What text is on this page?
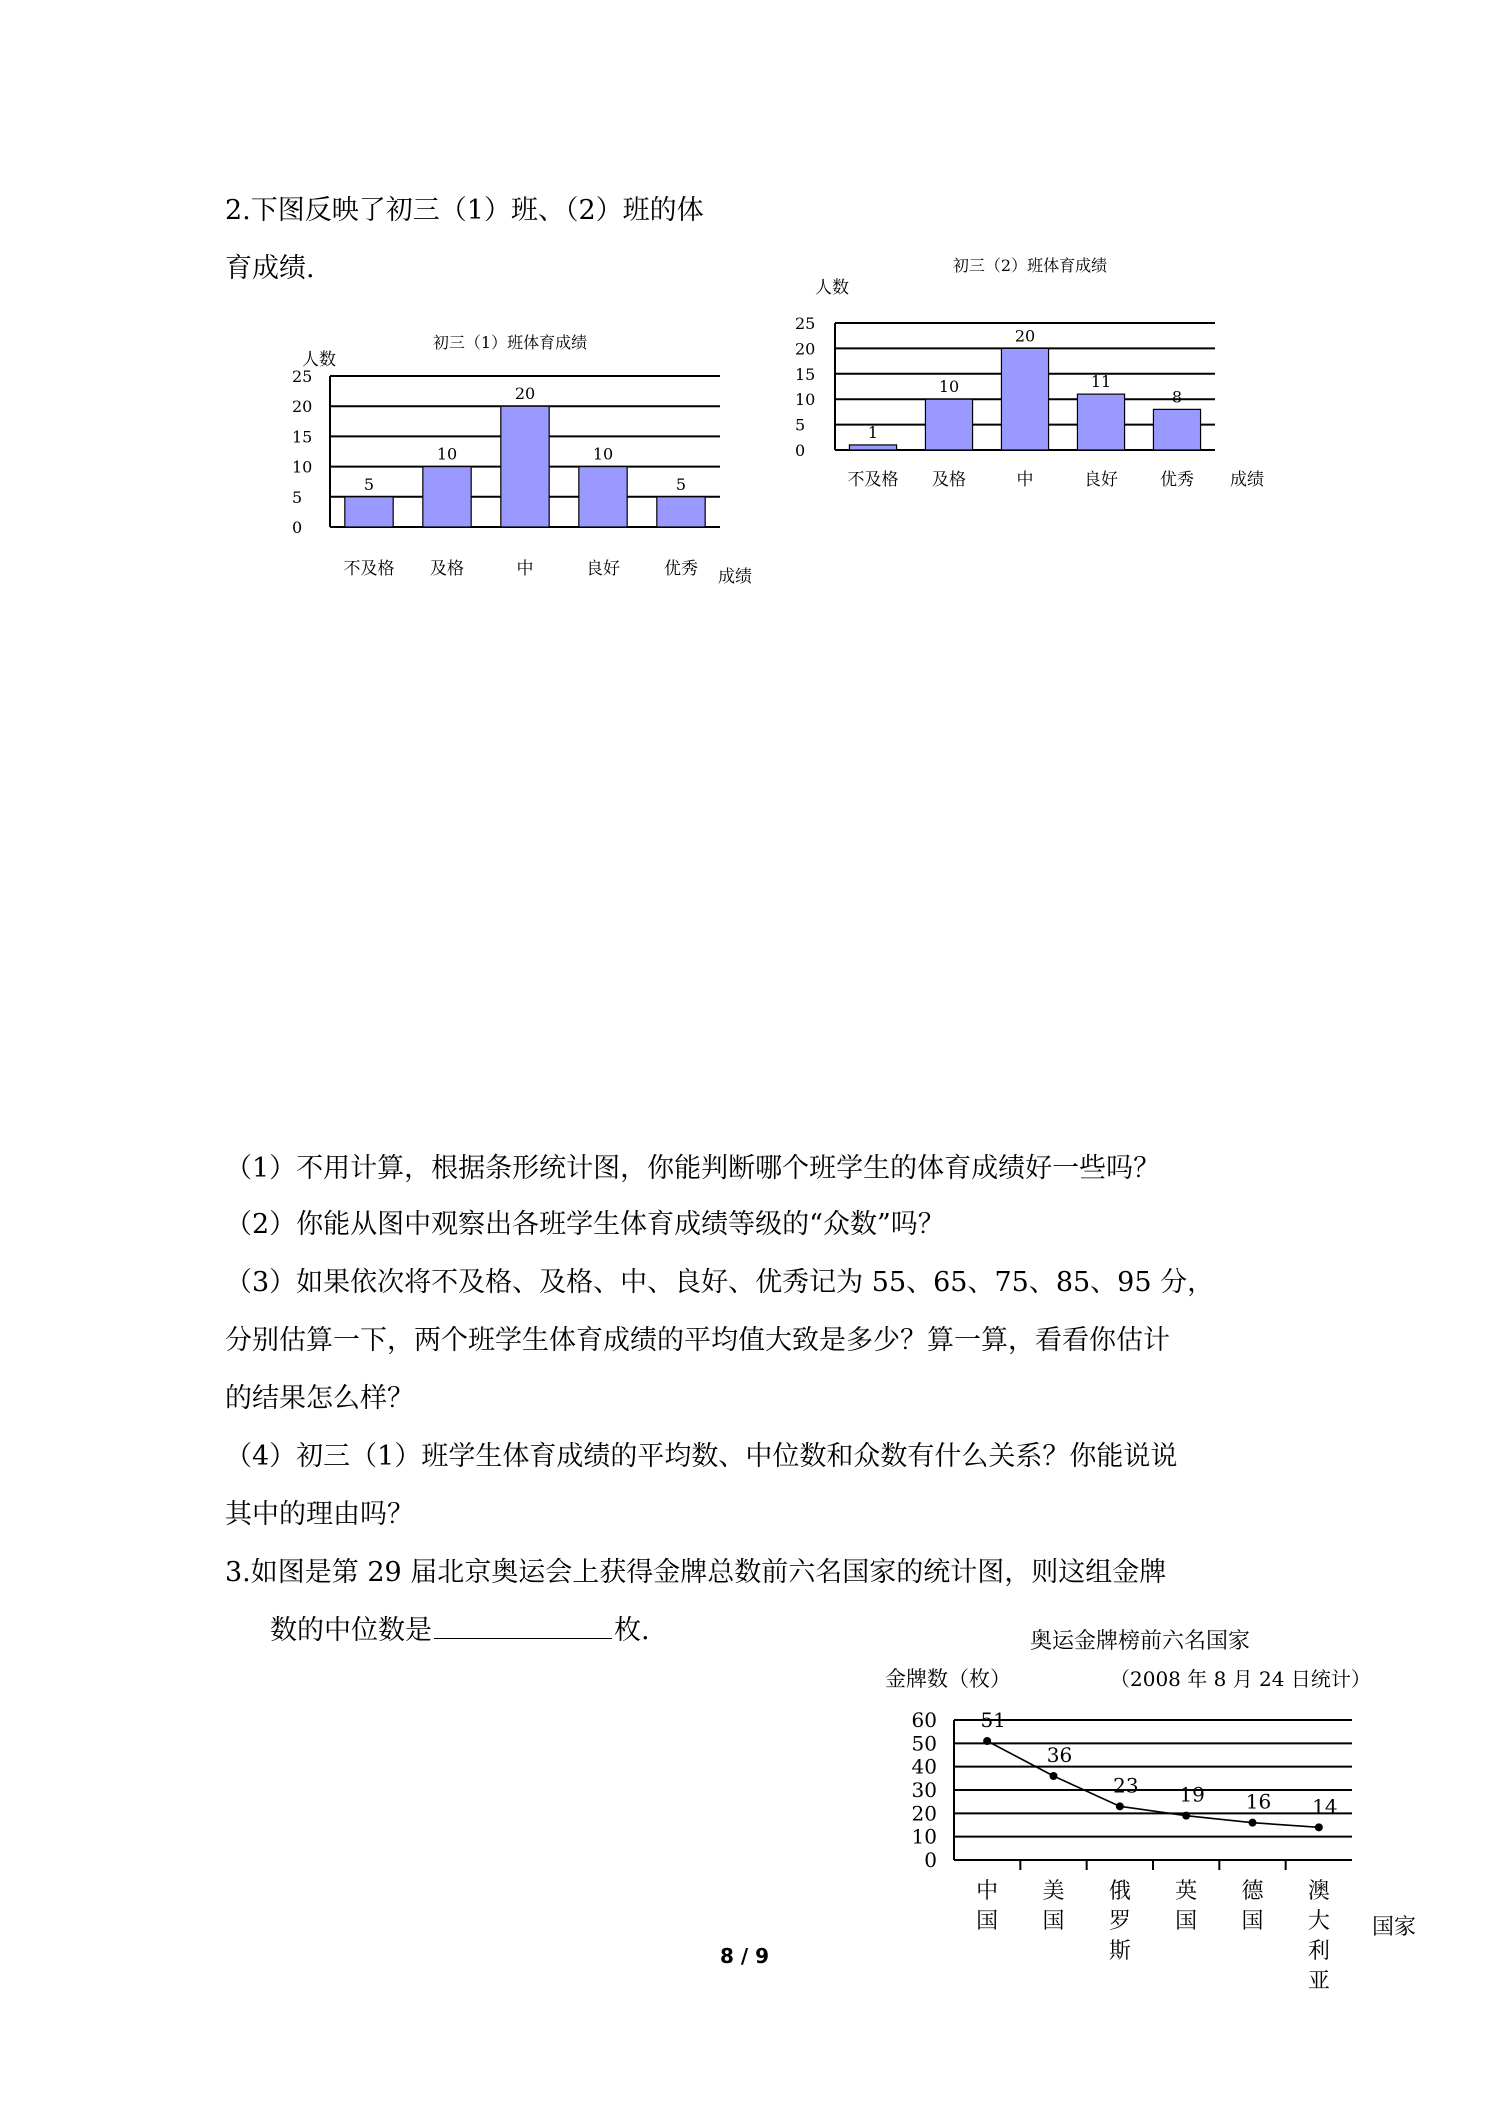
2.下图反映了初三（1）班、（2）班的体
育成绩.
初三（1）班体育成绩
人数
0
5
10
15
20
25
5
不及格
10
及格
20
中
10
良好
5
优秀 成绩
初三（2）班体育成绩
人数
0
5
10
15
20
25
1
不及格
10
及格
20
中
11
良好
8
优秀 成绩
（1）不用计算，根据条形统计图，你能判断哪个班学生的体育成绩好一些吗？
（2）你能从图中观察出各班学生体育成绩等级的“众数”吗？
（3）如果依次将不及格、及格、中、良好、优秀记为 55、65、75、85、95 分，
分别估算一下，两个班学生体育成绩的平均值大致是多少？算一算，看看你估计
的结果怎么样？
（4）初三（1）班学生体育成绩的平均数、中位数和众数有什么关系？你能说说
其中的理由吗？
3.如图是第 29 届北京奥运会上获得金牌总数前六名国家的统计图，则这组金牌
数的中位数是	枚.	奥运金牌榜前六名国家
金牌数（枚）	（2008 年 8 月 24 日统计）
0
10
20
30
40
50
60 51
中国
36
美国
23
俄罗斯
19
英国
16
德国
14
澳大利亚
国家
8 / 9
